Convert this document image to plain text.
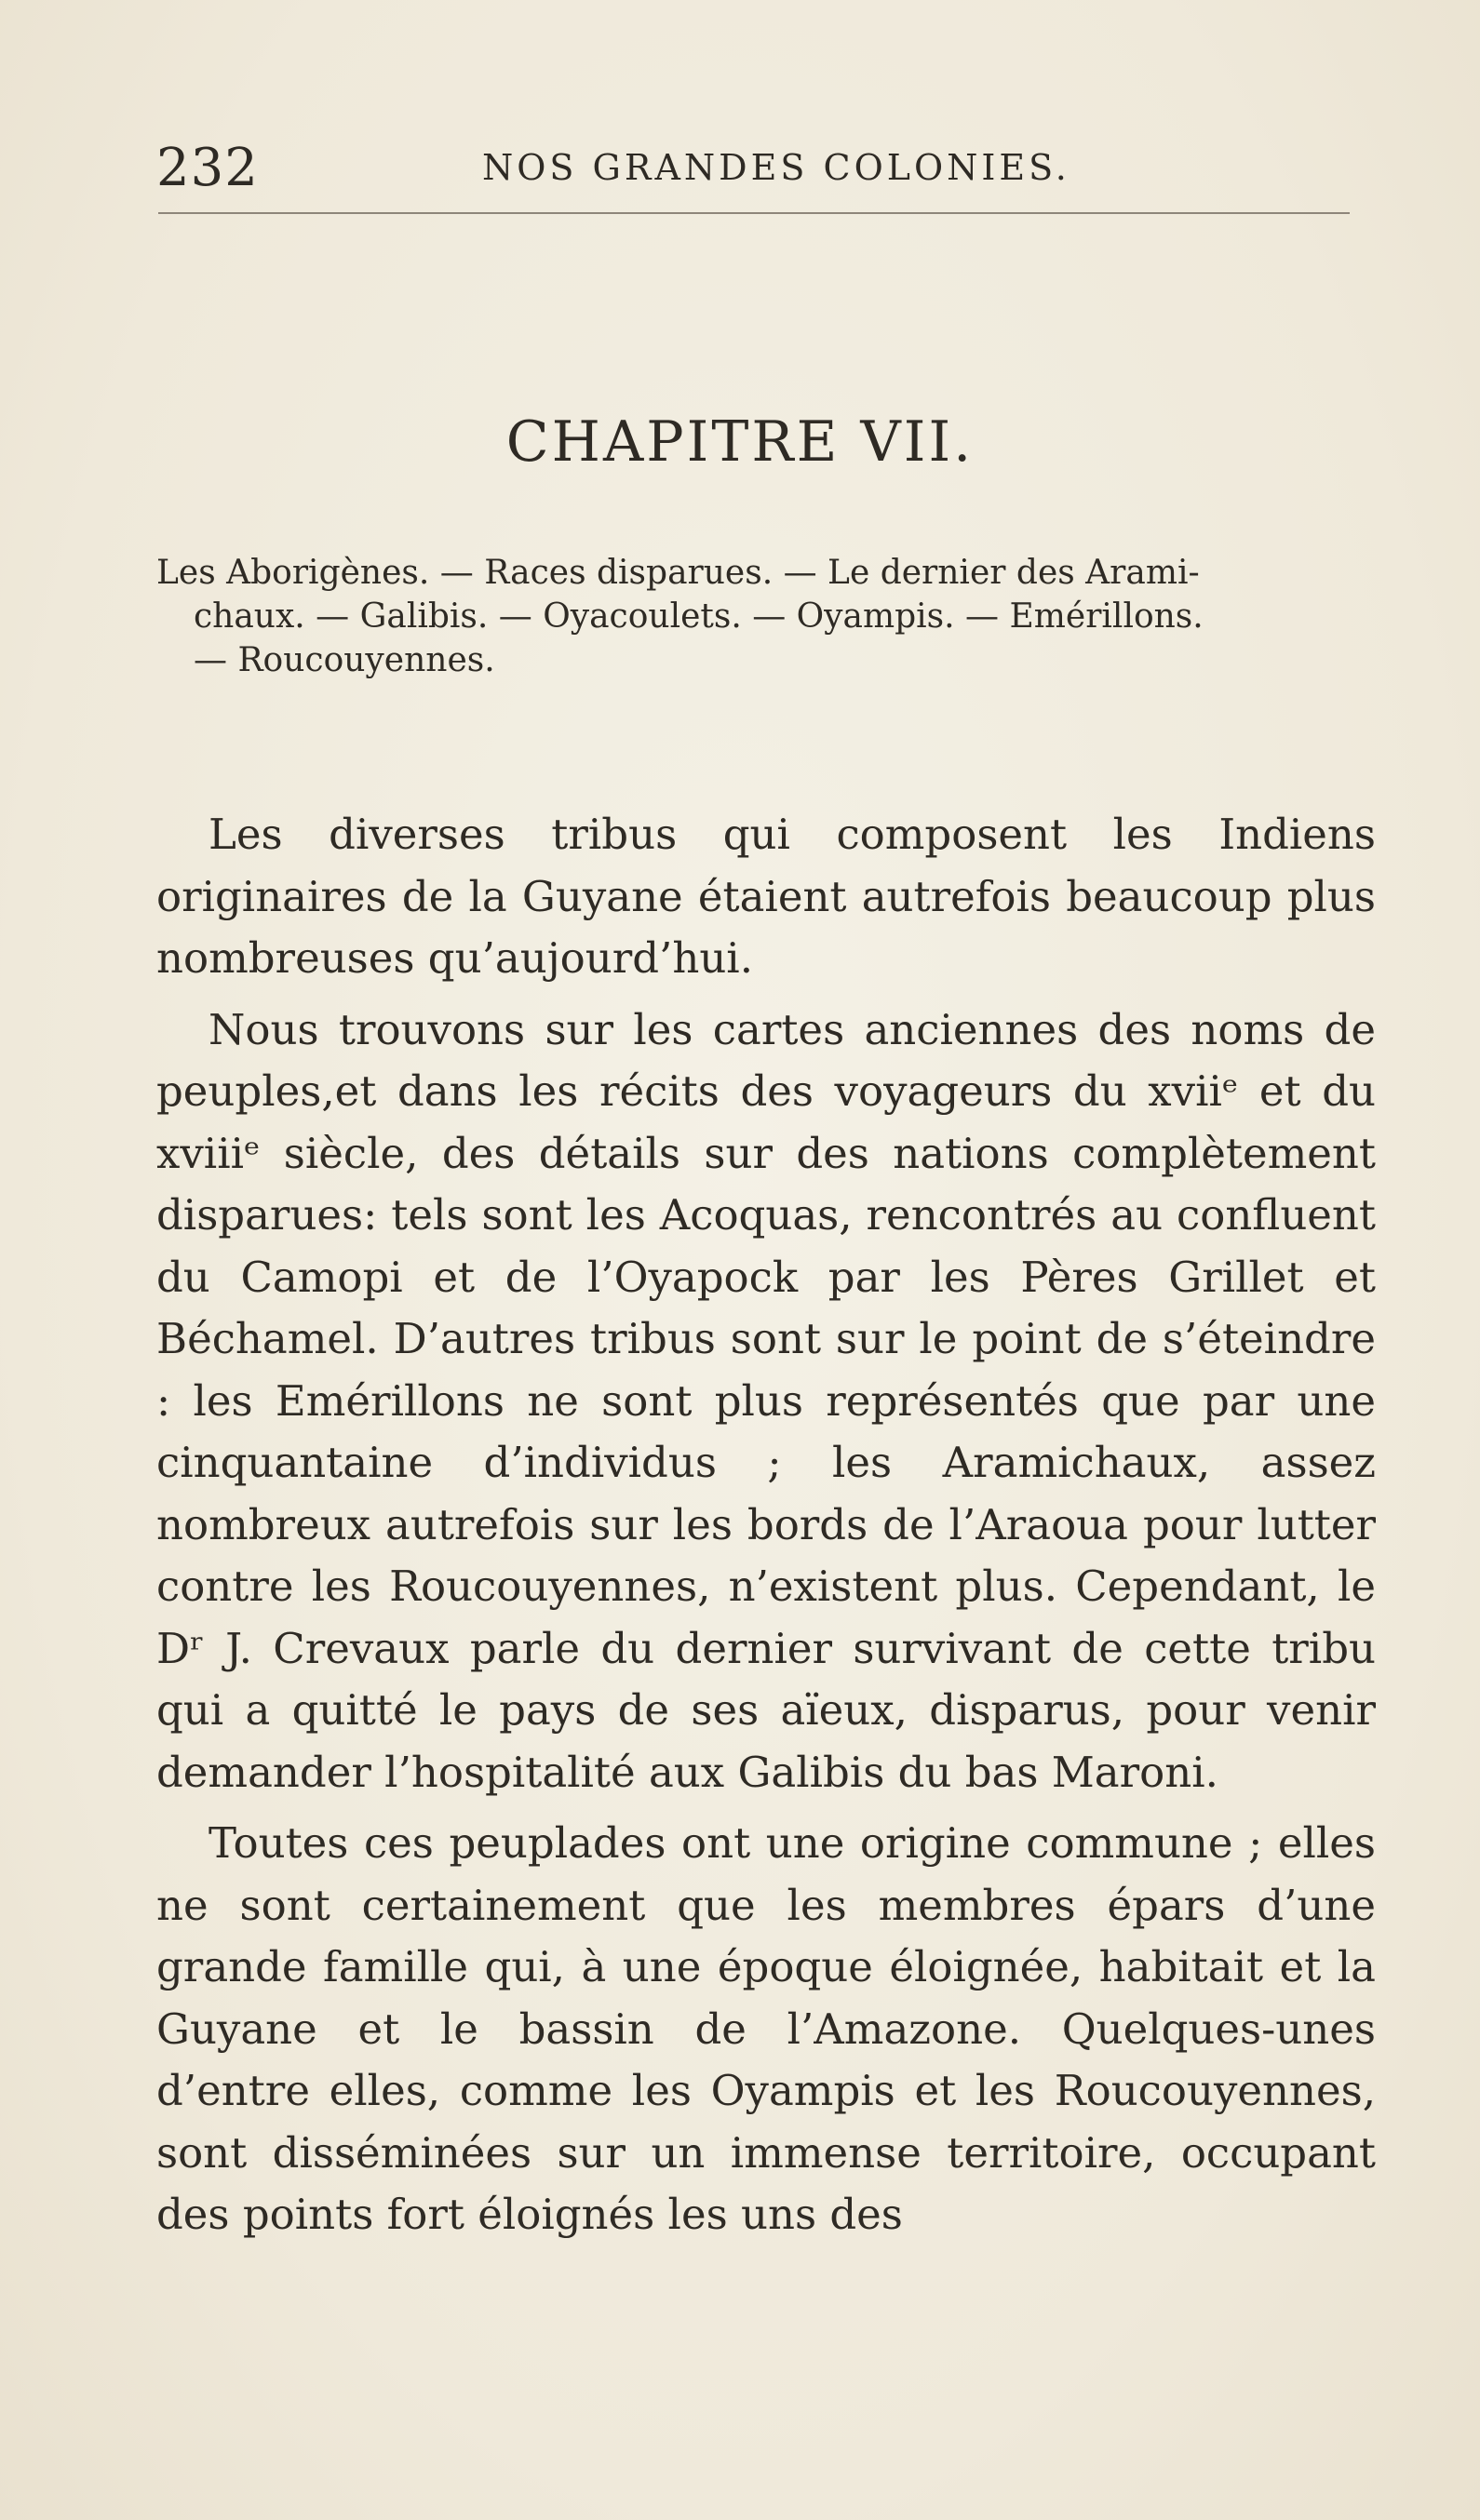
232	NOS GRANDES COLONIES.
CHAPITRE VII.
Les Aborigènes. — Races disparues. — Le dernier des Arami-
chaux. — Galibis. — Oyacoulets. — Oyampis. — Emérillons.
— Roucouyennes.

Les diverses tribus qui composent les Indiens originaires de la Guyane étaient autrefois beaucoup plus nombreuses qu’aujourd’hui.

Nous trouvons sur les cartes anciennes des noms de peuples,et dans les récits des voyageurs du xviiᵉ et du xviiiᵉ siècle, des détails sur des nations complètement disparues: tels sont les Acoquas, rencontrés au confluent du Camopi et de l’Oyapock par les Pères Grillet et Béchamel. D’autres tribus sont sur le point de s’éteindre : les Emérillons ne sont plus représentés que par une cinquantaine d’individus ; les Aramichaux, assez nombreux autrefois sur les bords de l’Araoua pour lutter contre les Roucouyennes, n’existent plus. Cependant, le Dʳ J. Crevaux parle du dernier survivant de cette tribu qui a quitté le pays de ses aïeux, disparus, pour venir demander l’hospitalité aux Galibis du bas Maroni.

Toutes ces peuplades ont une origine commune ; elles ne sont certainement que les membres épars d’une grande famille qui, à une époque éloignée, habitait et la Guyane et le bassin de l’Amazone. Quelques-unes d’entre elles, comme les Oyampis et les Roucouyennes, sont disséminées sur un immense territoire, occupant des points fort éloignés les uns des
